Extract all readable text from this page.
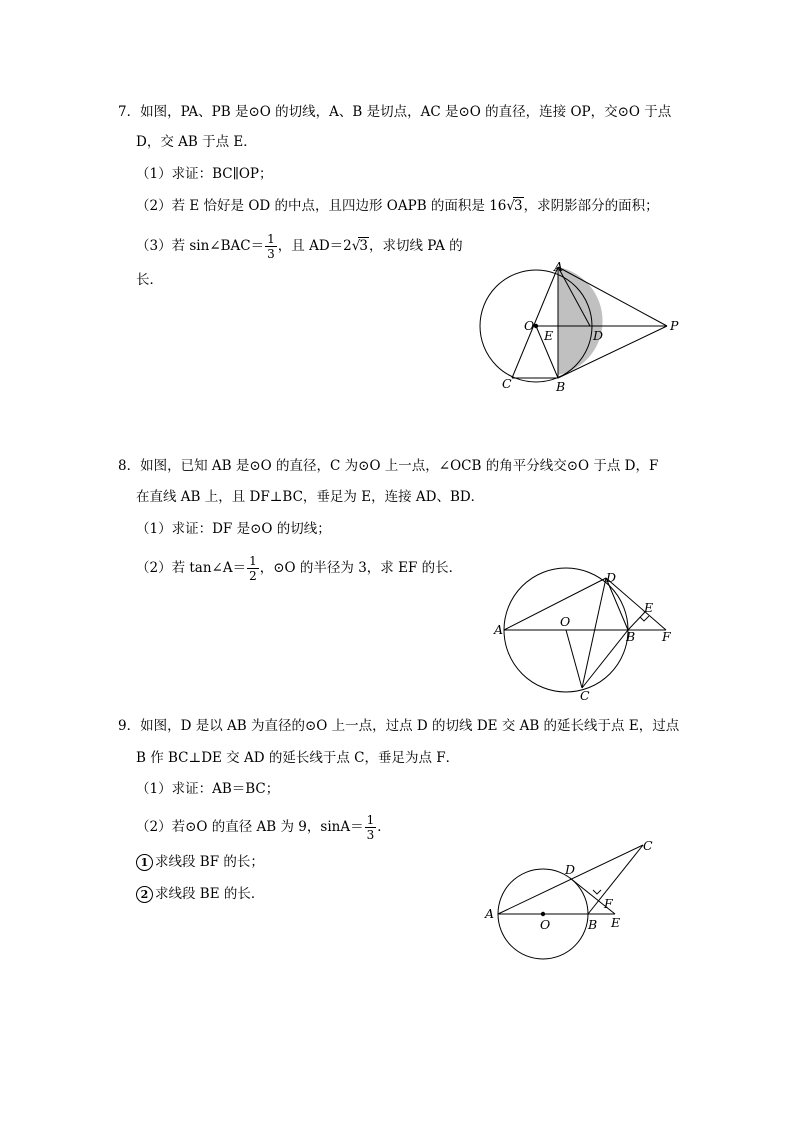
7．如图，PA、PB 是⊙O 的切线，A、B 是切点，AC 是⊙O 的直径，连接 OP，交⊙O 于点
D，交 AB 于点 E．
（1）求证：BC∥OP；
（2）若 E 恰好是 OD 的中点，且四边形 OAPB 的面积是 16√3，求阴影部分的面积；
（3）若 sin∠BAC＝ $\frac{1}{3}$ ，且 AD＝2√3，求切线 PA 的
长．
A
O
E	D
P
C	B
8．如图，已知 AB 是⊙O 的直径，C 为⊙O 上一点，∠OCB 的角平分线交⊙O 于点 D，F
在直线 AB 上，且 DF⊥BC，垂足为 E，连接 AD、BD．
（1）求证：DF 是⊙O 的切线；
（2）若 tan∠A＝ $\frac{1}{2}$ ，⊙O 的半径为 3，求 EF 的长．
D
E
A
O
B F
C
9．如图，D 是以 AB 为直径的⊙O 上一点，过点 D 的切线 DE 交 AB 的延长线于点 E，过点
B 作 BC⊥DE 交 AD 的延长线于点 C，垂足为点 F．
（1）求证：AB＝BC；
（2）若⊙O 的直径 AB 为 9，$\sin A= \frac{1}{3}$ ．
1 求线段 BF 的长；
2 求线段 BE 的长．
C
D
F
A
O	B E
